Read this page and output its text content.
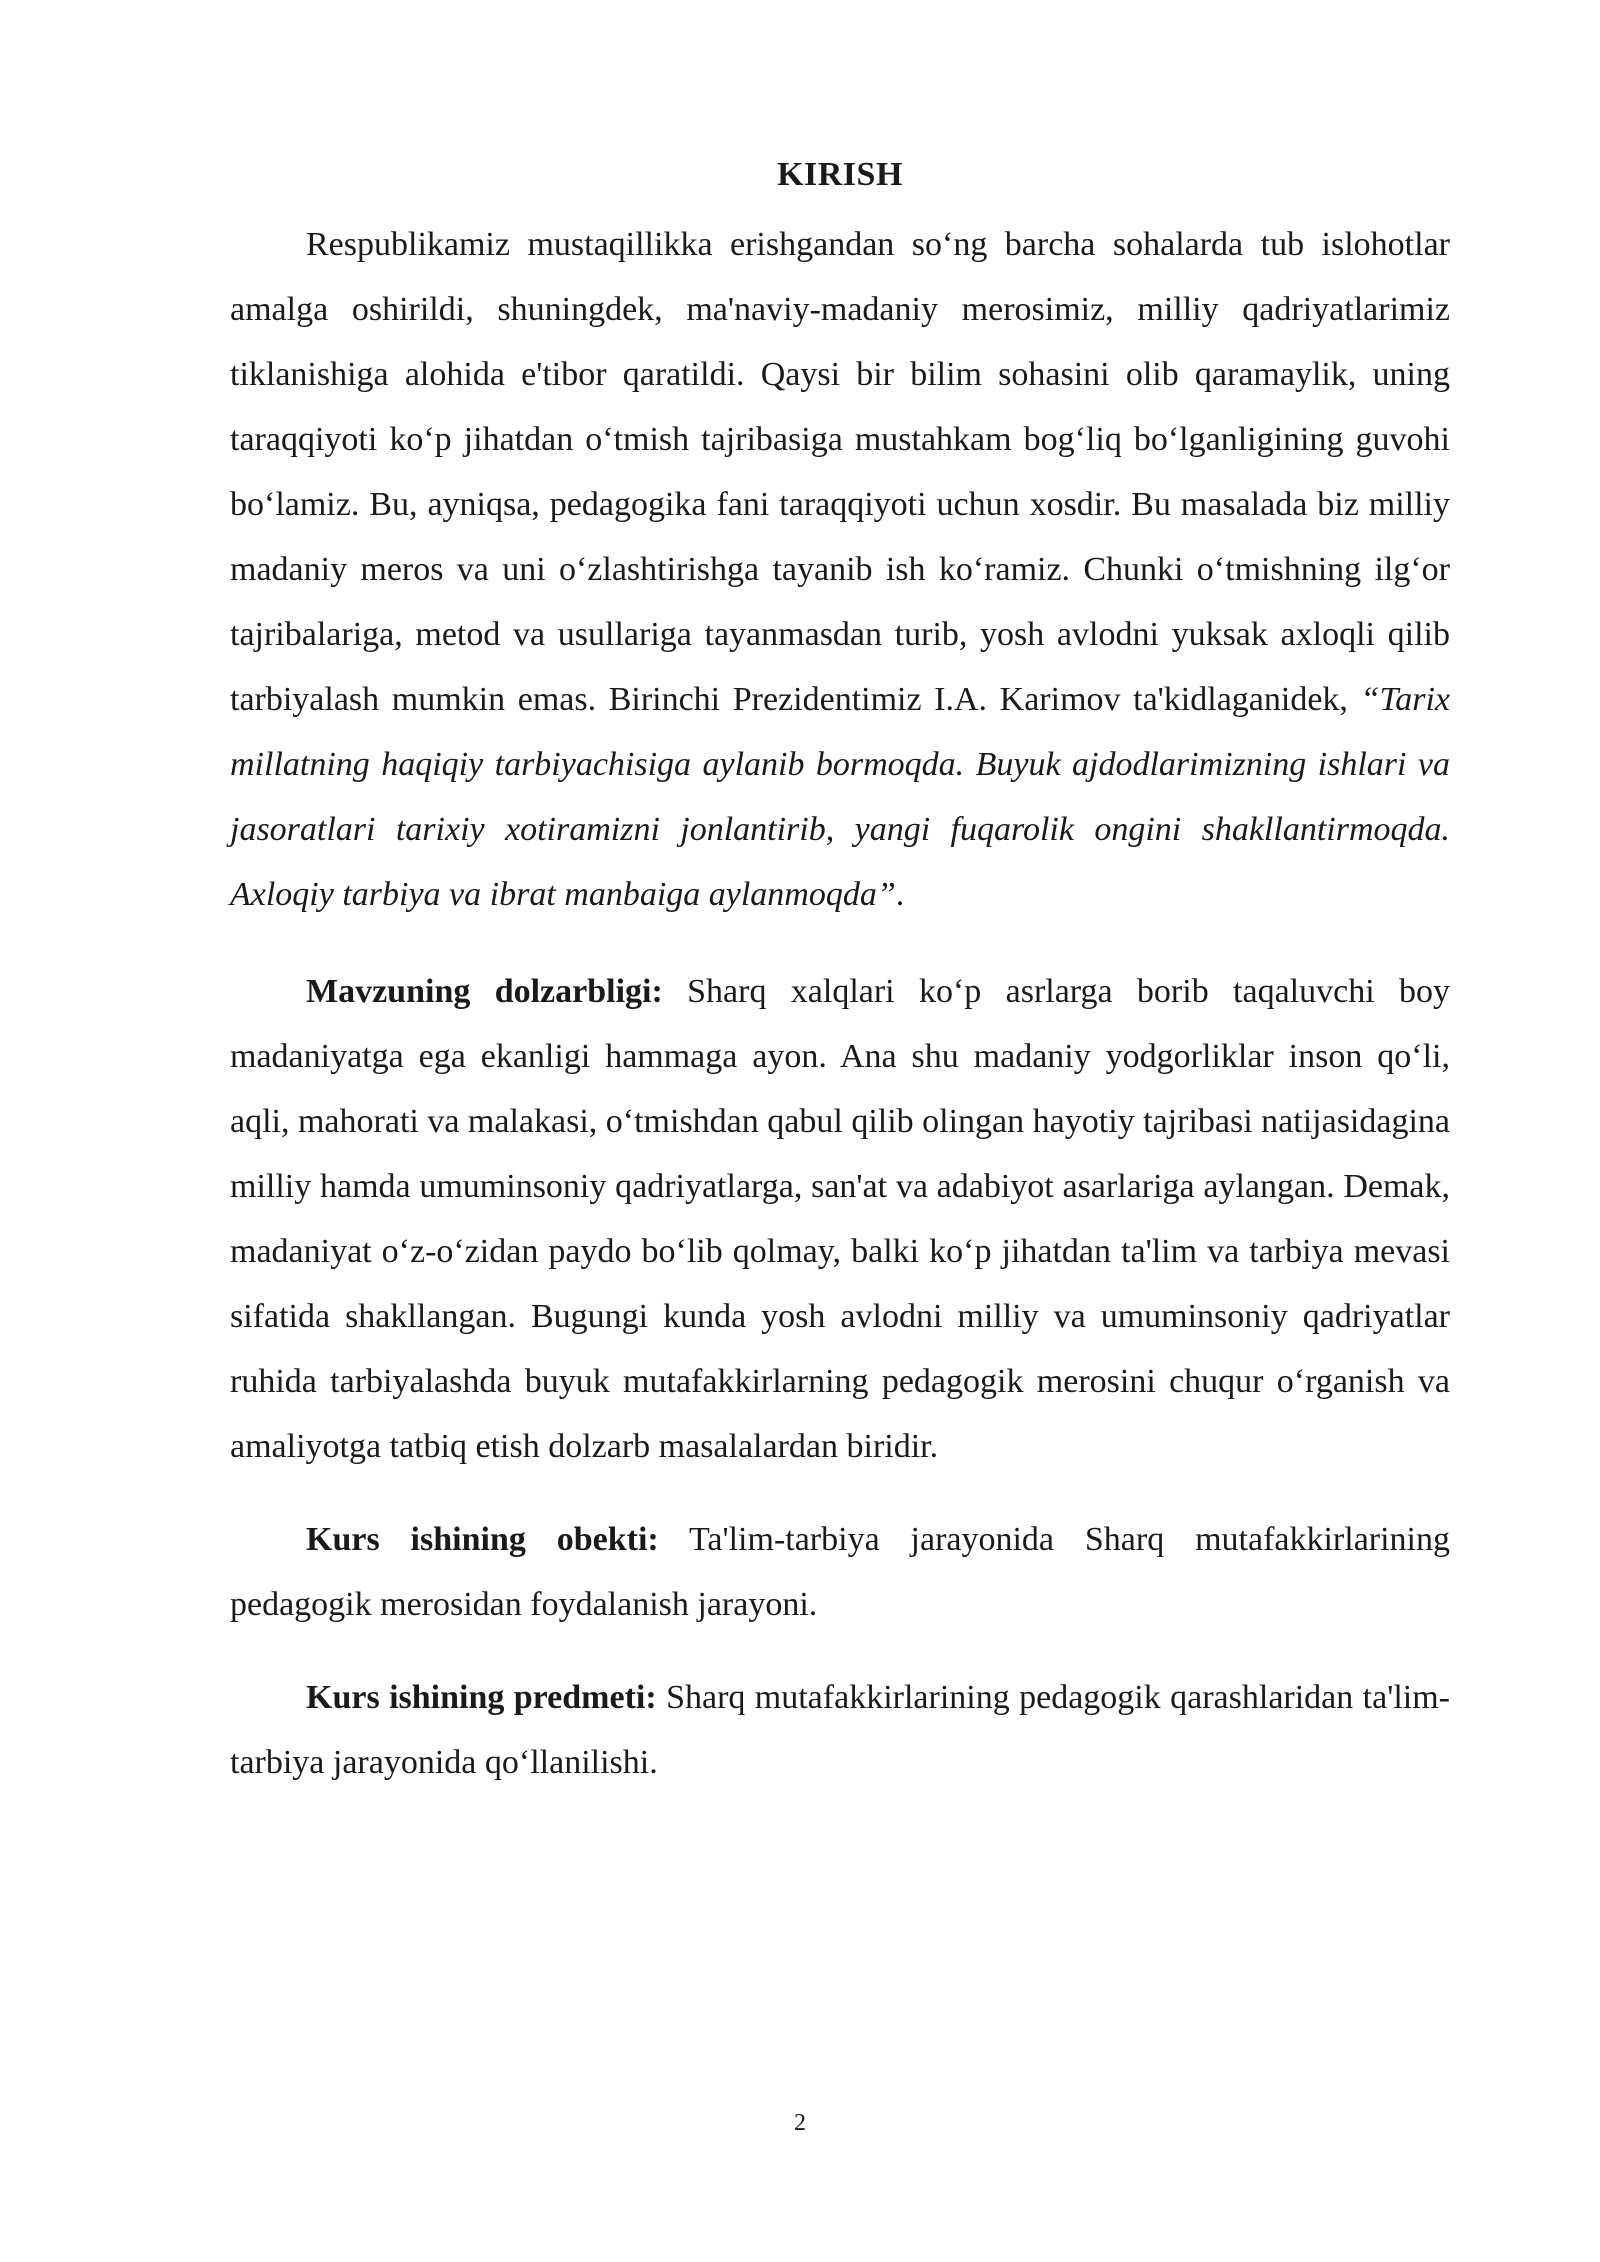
KIRISH

Respublikamiz mustaqillikka erishgandan so‘ng barcha sohalarda tub islohotlar amalga oshirildi, shuningdek, ma'naviy-madaniy merosimiz, milliy qadriyatlarimiz tiklanishiga alohida e'tibor qaratildi. Qaysi bir bilim sohasini olib qaramaylik, uning taraqqiyoti ko‘p jihatdan o‘tmish tajribasiga mustahkam bog‘liq bo‘lganligining guvohi bo‘lamiz. Bu, ayniqsa, pedagogika fani taraqqiyoti uchun xosdir. Bu masalada biz milliy madaniy meros va uni o‘zlashtirishga tayanib ish ko‘ramiz. Chunki o‘tmishning ilg‘or tajribalariga, metod va usullariga tayanmasdan turib, yosh avlodni yuksak axloqli qilib tarbiyalash mumkin emas. Birinchi Prezidentimiz I.A. Karimov ta'kidlaganidek, “Tarix millatning haqiqiy tarbiyachisiga aylanib bormoqda. Buyuk ajdodlarimizning ishlari va jasoratlari tarixiy xotiramizni jonlantirib, yangi fuqarolik ongini shakllantirmoqda. Axloqiy tarbiya va ibrat manbaiga aylanmoqda”.

Mavzuning dolzarbligi: Sharq xalqlari ko‘p asrlarga borib taqaluvchi boy madaniyatga ega ekanligi hammaga ayon. Ana shu madaniy yodgorliklar inson qo‘li, aqli, mahorati va malakasi, o‘tmishdan qabul qilib olingan hayotiy tajribasi natijasidagina milliy hamda umuminsoniy qadriyatlarga, san'at va adabiyot asarlariga aylangan. Demak, madaniyat o‘z-o‘zidan paydo bo‘lib qolmay, balki ko‘p jihatdan ta'lim va tarbiya mevasi sifatida shakllangan. Bugungi kunda yosh avlodni milliy va umuminsoniy qadriyatlar ruhida tarbiyalashda buyuk mutafakkirlarning pedagogik merosini chuqur o‘rganish va amaliyotga tatbiq etish dolzarb masalalardan biridir.

Kurs ishining obekti: Ta'lim-tarbiya jarayonida Sharq mutafakkirlarining pedagogik merosidan foydalanish jarayoni.

Kurs ishining predmeti: Sharq mutafakkirlarining pedagogik qarashlaridan ta'lim-tarbiya jarayonida qo‘llanilishi.

2
